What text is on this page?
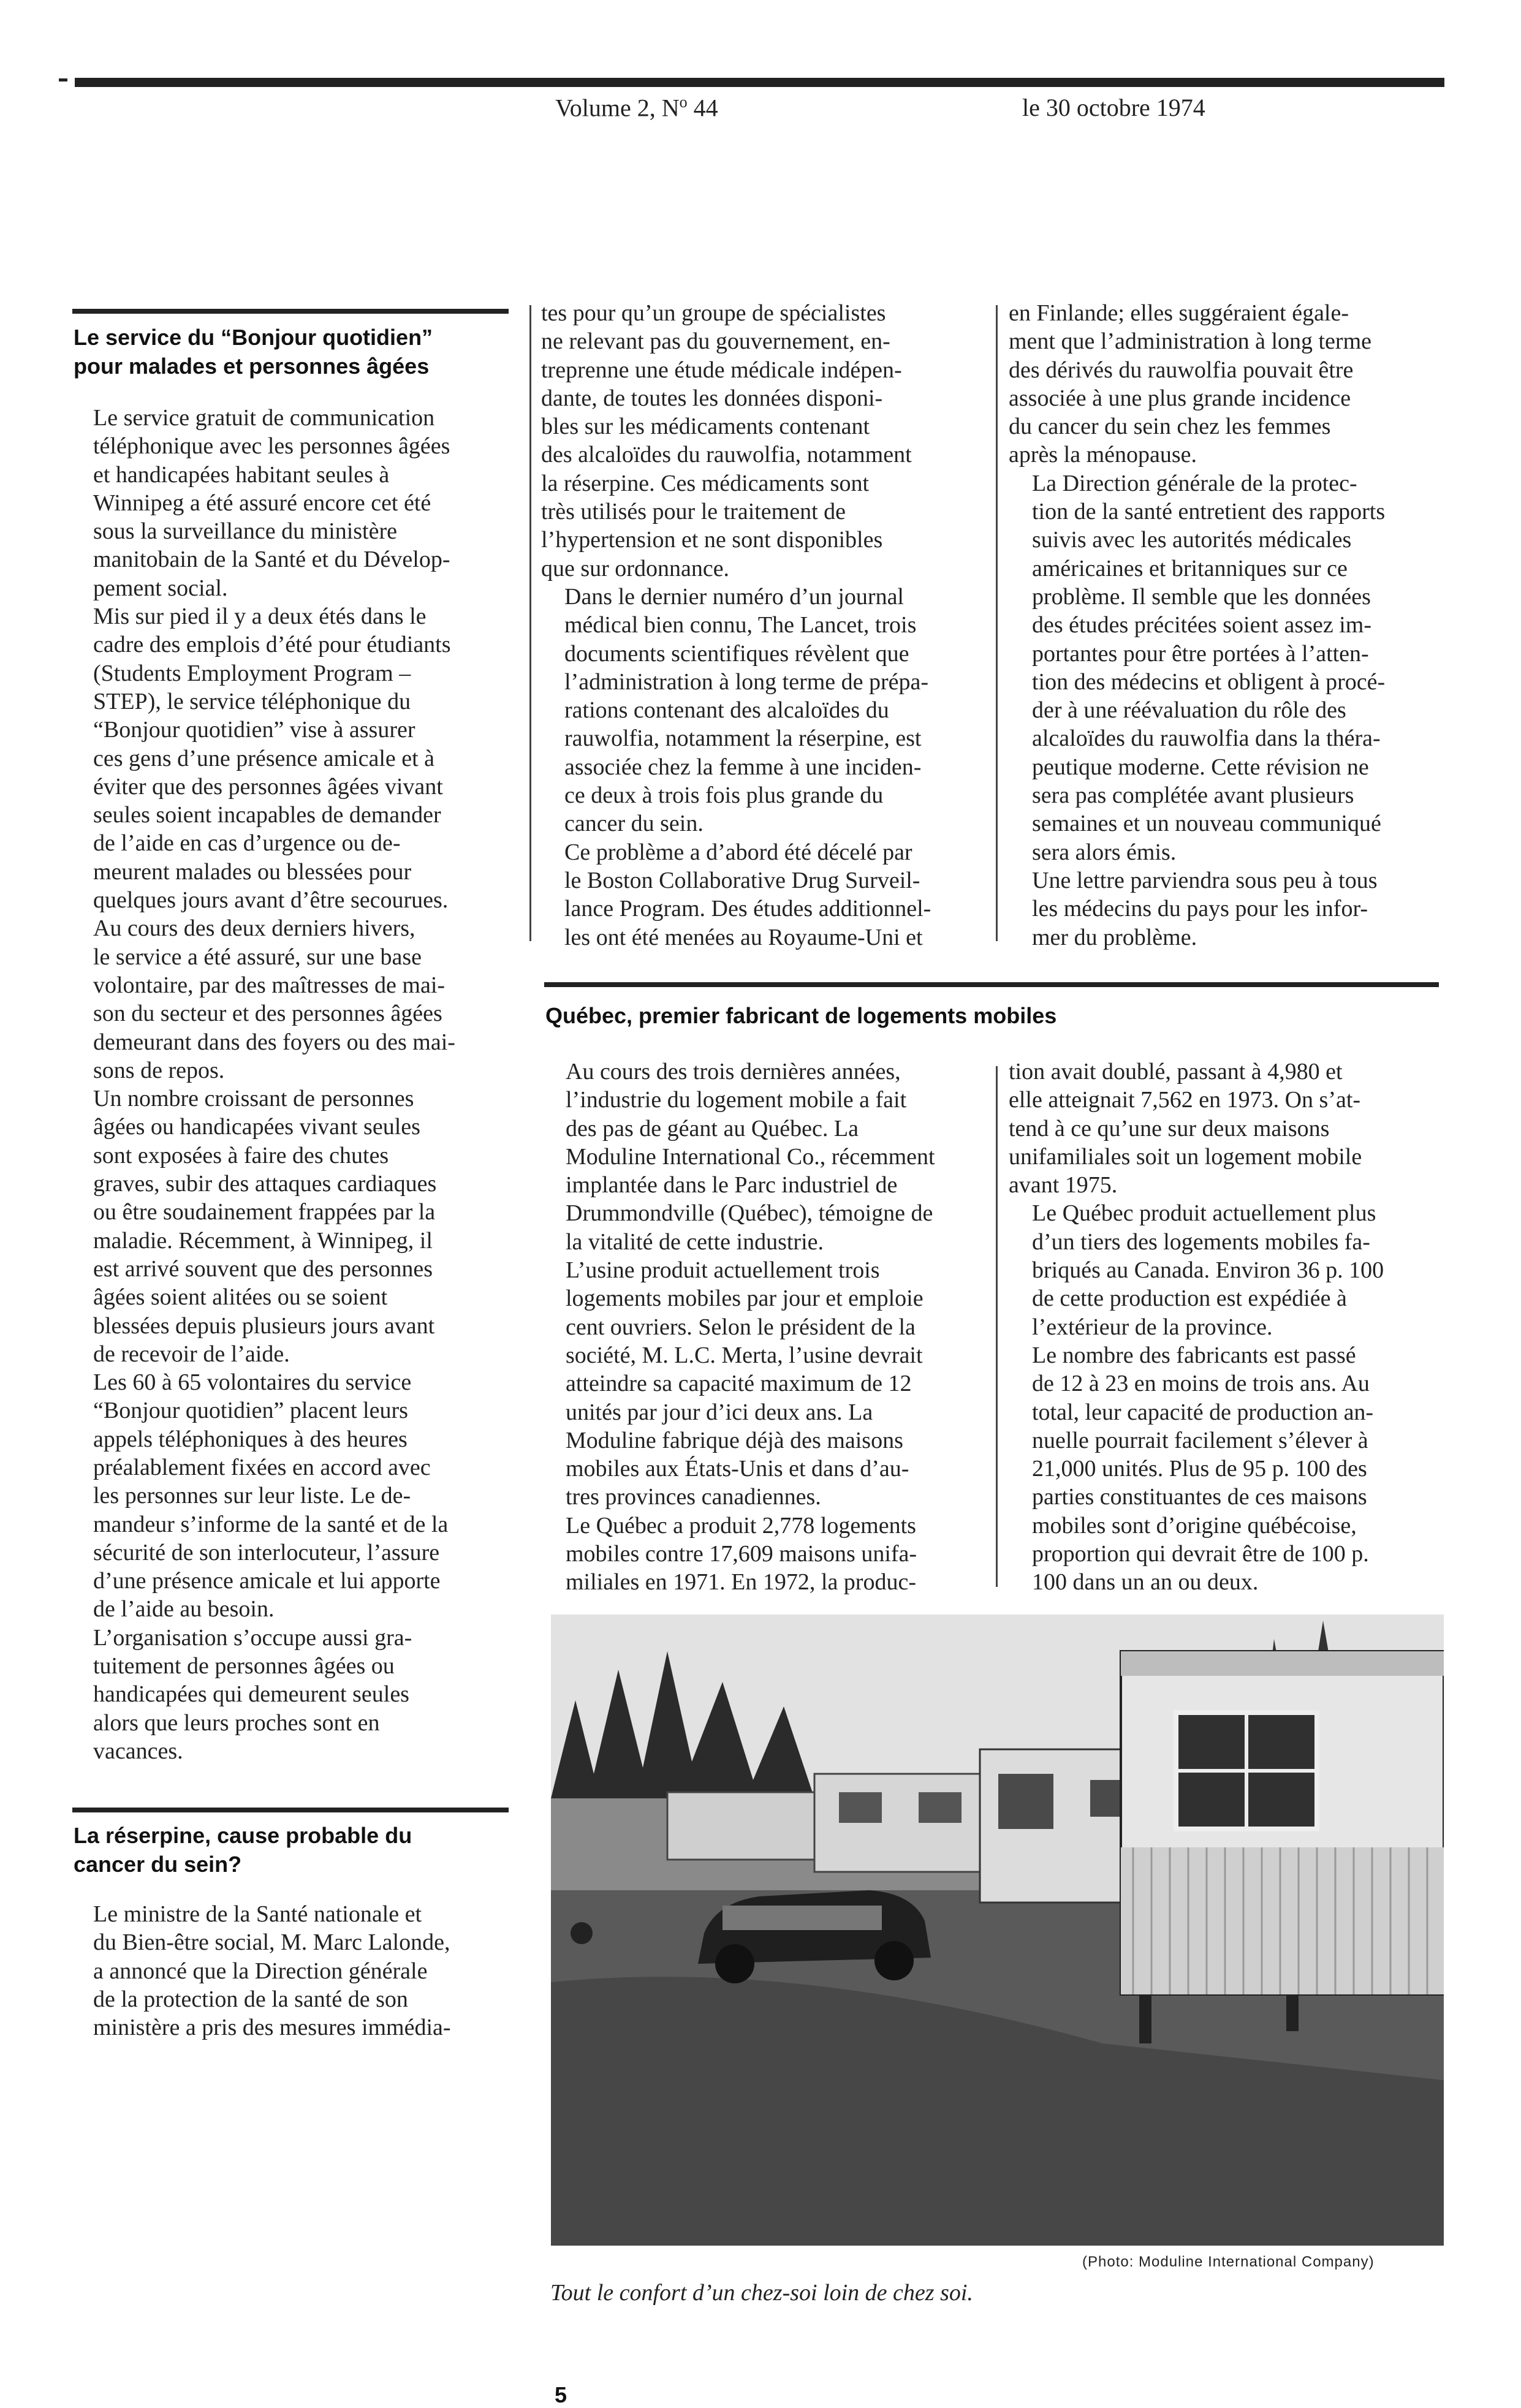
Volume 2, $N^o$ 44	le 30 octobre 1974
Le service du “Bonjour quotidien”
pour malades et personnes âgées

Le service gratuit de communication
téléphonique avec les personnes âgées
et handicapées habitant seules à
Winnipeg a été assuré encore cet été
sous la surveillance du ministère
manitobain de la Santé et du Dévelop-
pement social.

Mis sur pied il y a deux étés dans le
cadre des emplois d’été pour étudiants
(Students Employment Program –
STEP), le service téléphonique du
“Bonjour quotidien” vise à assurer
ces gens d’une présence amicale et à
éviter que des personnes âgées vivant
seules soient incapables de demander
de l’aide en cas d’urgence ou de-
meurent malades ou blessées pour
quelques jours avant d’être secourues.

Au cours des deux derniers hivers,
le service a été assuré, sur une base
volontaire, par des maîtresses de mai-
son du secteur et des personnes âgées
demeurant dans des foyers ou des mai-
sons de repos.

Un nombre croissant de personnes
âgées ou handicapées vivant seules
sont exposées à faire des chutes
graves, subir des attaques cardiaques
ou être soudainement frappées par la
maladie. Récemment, à Winnipeg, il
est arrivé souvent que des personnes
âgées soient alitées ou se soient
blessées depuis plusieurs jours avant
de recevoir de l’aide.

Les 60 à 65 volontaires du service
“Bonjour quotidien” placent leurs
appels téléphoniques à des heures
préalablement fixées en accord avec
les personnes sur leur liste. Le de-
mandeur s’informe de la santé et de la
sécurité de son interlocuteur, l’assure
d’une présence amicale et lui apporte
de l’aide au besoin.

L’organisation s’occupe aussi gra-
tuitement de personnes âgées ou
handicapées qui demeurent seules
alors que leurs proches sont en
vacances.

La réserpine, cause probable du
cancer du sein?

Le ministre de la Santé nationale et
du Bien-être social, M. Marc Lalonde,
a annoncé que la Direction générale
de la protection de la santé de son
ministère a pris des mesures immédia-

tes pour qu’un groupe de spécialistes
ne relevant pas du gouvernement, en-
treprenne une étude médicale indépen-
dante, de toutes les données disponi-
bles sur les médicaments contenant
des alcaloïdes du rauwolfia, notamment
la réserpine. Ces médicaments sont
très utilisés pour le traitement de
l’hypertension et ne sont disponibles
que sur ordonnance.

Dans le dernier numéro d’un journal
médical bien connu, The Lancet, trois
documents scientifiques révèlent que
l’administration à long terme de prépa-
rations contenant des alcaloïdes du
rauwolfia, notamment la réserpine, est
associée chez la femme à une inciden-
ce deux à trois fois plus grande du
cancer du sein.

Ce problème a d’abord été décelé par
le Boston Collaborative Drug Surveil-
lance Program. Des études additionnel-
les ont été menées au Royaume-Uni et

en Finlande; elles suggéraient égale-
ment que l’administration à long terme
des dérivés du rauwolfia pouvait être
associée à une plus grande incidence
du cancer du sein chez les femmes
après la ménopause.

La Direction générale de la protec-
tion de la santé entretient des rapports
suivis avec les autorités médicales
américaines et britanniques sur ce
problème. Il semble que les données
des études précitées soient assez im-
portantes pour être portées à l’atten-
tion des médecins et obligent à procé-
der à une réévaluation du rôle des
alcaloïdes du rauwolfia dans la théra-
peutique moderne. Cette révision ne
sera pas complétée avant plusieurs
semaines et un nouveau communiqué
sera alors émis.

Une lettre parviendra sous peu à tous
les médecins du pays pour les infor-
mer du problème.

Québec, premier fabricant de logements mobiles

Au cours des trois dernières années,
l’industrie du logement mobile a fait
des pas de géant au Québec. La
Moduline International Co., récemment
implantée dans le Parc industriel de
Drummondville (Québec), témoigne de
la vitalité de cette industrie.

L’usine produit actuellement trois
logements mobiles par jour et emploie
cent ouvriers. Selon le président de la
société, M. L.C. Merta, l’usine devrait
atteindre sa capacité maximum de 12
unités par jour d’ici deux ans. La
Moduline fabrique déjà des maisons
mobiles aux États-Unis et dans d’au-
tres provinces canadiennes.

Le Québec a produit 2,778 logements
mobiles contre 17,609 maisons unifa-
miliales en 1971. En 1972, la produc-

tion avait doublé, passant à 4,980 et
elle atteignait 7,562 en 1973. On s’at-
tend à ce qu’une sur deux maisons
unifamiliales soit un logement mobile
avant 1975.

Le Québec produit actuellement plus
d’un tiers des logements mobiles fa-
briqués au Canada. Environ 36 p. 100
de cette production est expédiée à
l’extérieur de la province.

Le nombre des fabricants est passé
de 12 à 23 en moins de trois ans. Au
total, leur capacité de production an-
nuelle pourrait facilement s’élever à
21,000 unités. Plus de 95 p. 100 des
parties constituantes de ces maisons
mobiles sont d’origine québécoise,
proportion qui devrait être de 100 p.
100 dans un an ou deux.

(Photo: Moduline International Company)
Tout le confort d’un chez-soi loin de chez soi.
5
